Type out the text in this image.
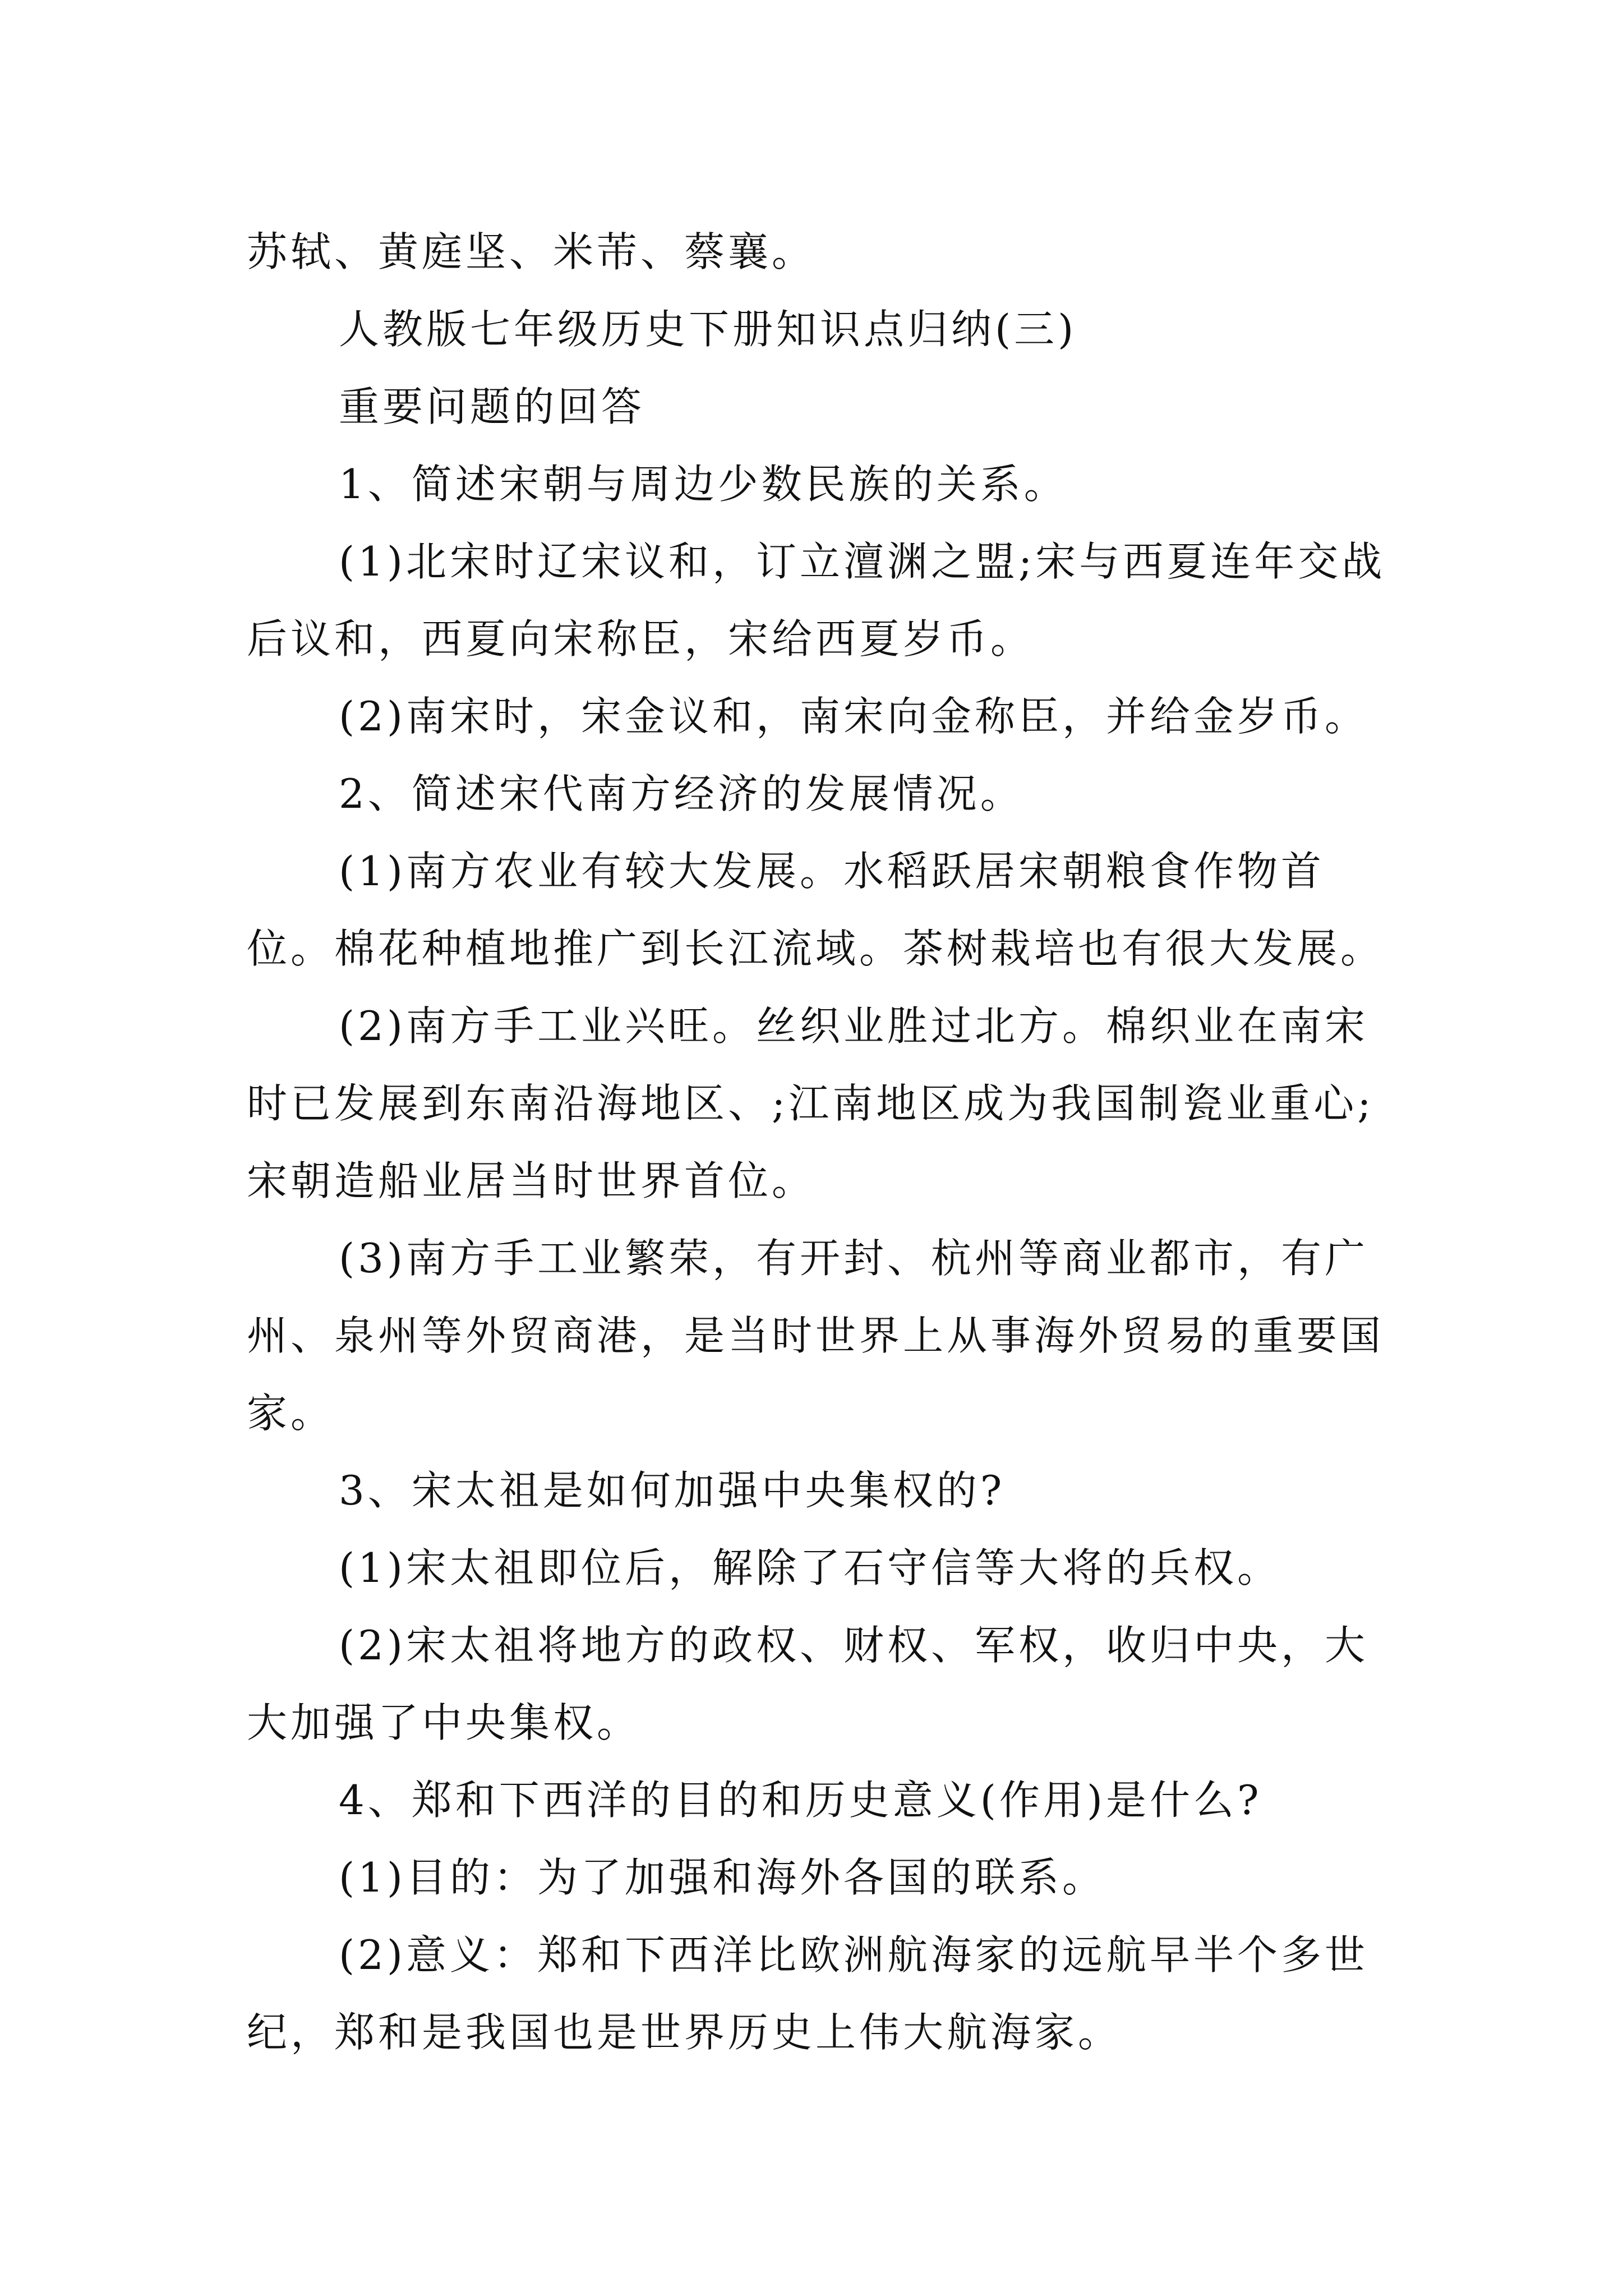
苏轼、黄庭坚、米芾、蔡襄。

人教版七年级历史下册知识点归纳(三)

重要问题的回答

1、简述宋朝与周边少数民族的关系。

(1)北宋时辽宋议和，订立澶渊之盟;宋与西夏连年交战后议和，西夏向宋称臣，宋给西夏岁币。

(2)南宋时，宋金议和，南宋向金称臣，并给金岁币。

2、简述宋代南方经济的发展情况。

(1)南方农业有较大发展。水稻跃居宋朝粮食作物首位。棉花种植地推广到长江流域。茶树栽培也有很大发展。

(2)南方手工业兴旺。丝织业胜过北方。棉织业在南宋时已发展到东南沿海地区、;江南地区成为我国制瓷业重心;宋朝造船业居当时世界首位。

(3)南方手工业繁荣，有开封、杭州等商业都市，有广州、泉州等外贸商港，是当时世界上从事海外贸易的重要国家。

3、宋太祖是如何加强中央集权的?

(1)宋太祖即位后，解除了石守信等大将的兵权。

(2)宋太祖将地方的政权、财权、军权，收归中央，大大加强了中央集权。

4、郑和下西洋的目的和历史意义(作用)是什么?

(1)目的：为了加强和海外各国的联系。

(2)意义：郑和下西洋比欧洲航海家的远航早半个多世纪，郑和是我国也是世界历史上伟大航海家。
